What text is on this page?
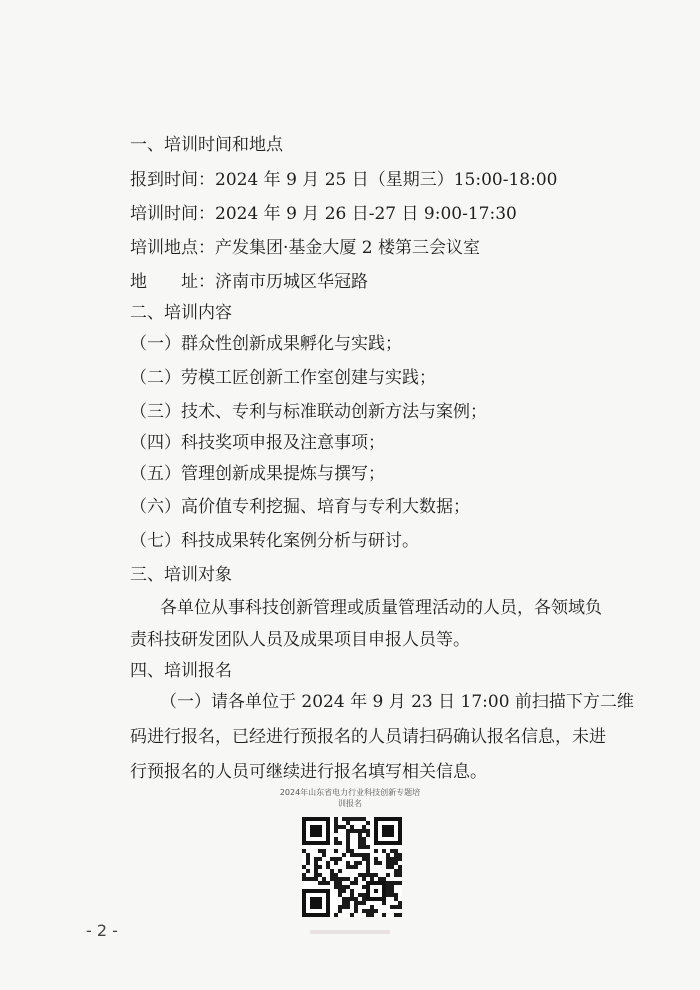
一、培训时间和地点
报到时间：2024 年 9 月 25 日（星期三）15:00-18:00
培训时间：2024 年 9 月 26 日-27 日 9:00-17:30
培训地点：产发集团·基金大厦 2 楼第三会议室
地　　址：济南市历城区华冠路
二、培训内容
（一）群众性创新成果孵化与实践；
（二）劳模工匠创新工作室创建与实践；
（三）技术、专利与标准联动创新方法与案例；
（四）科技奖项申报及注意事项；
（五）管理创新成果提炼与撰写；
（六）高价值专利挖掘、培育与专利大数据；
（七）科技成果转化案例分析与研讨。
三、培训对象
各单位从事科技创新管理或质量管理活动的人员，各领域负
责科技研发团队人员及成果项目申报人员等。
四、培训报名
（一）请各单位于 2024 年 9 月 23 日 17:00 前扫描下方二维
码进行报名，已经进行预报名的人员请扫码确认报名信息，未进
行预报名的人员可继续进行报名填写相关信息。
2024年山东省电力行业科技创新专题培
训报名
- 2 -
